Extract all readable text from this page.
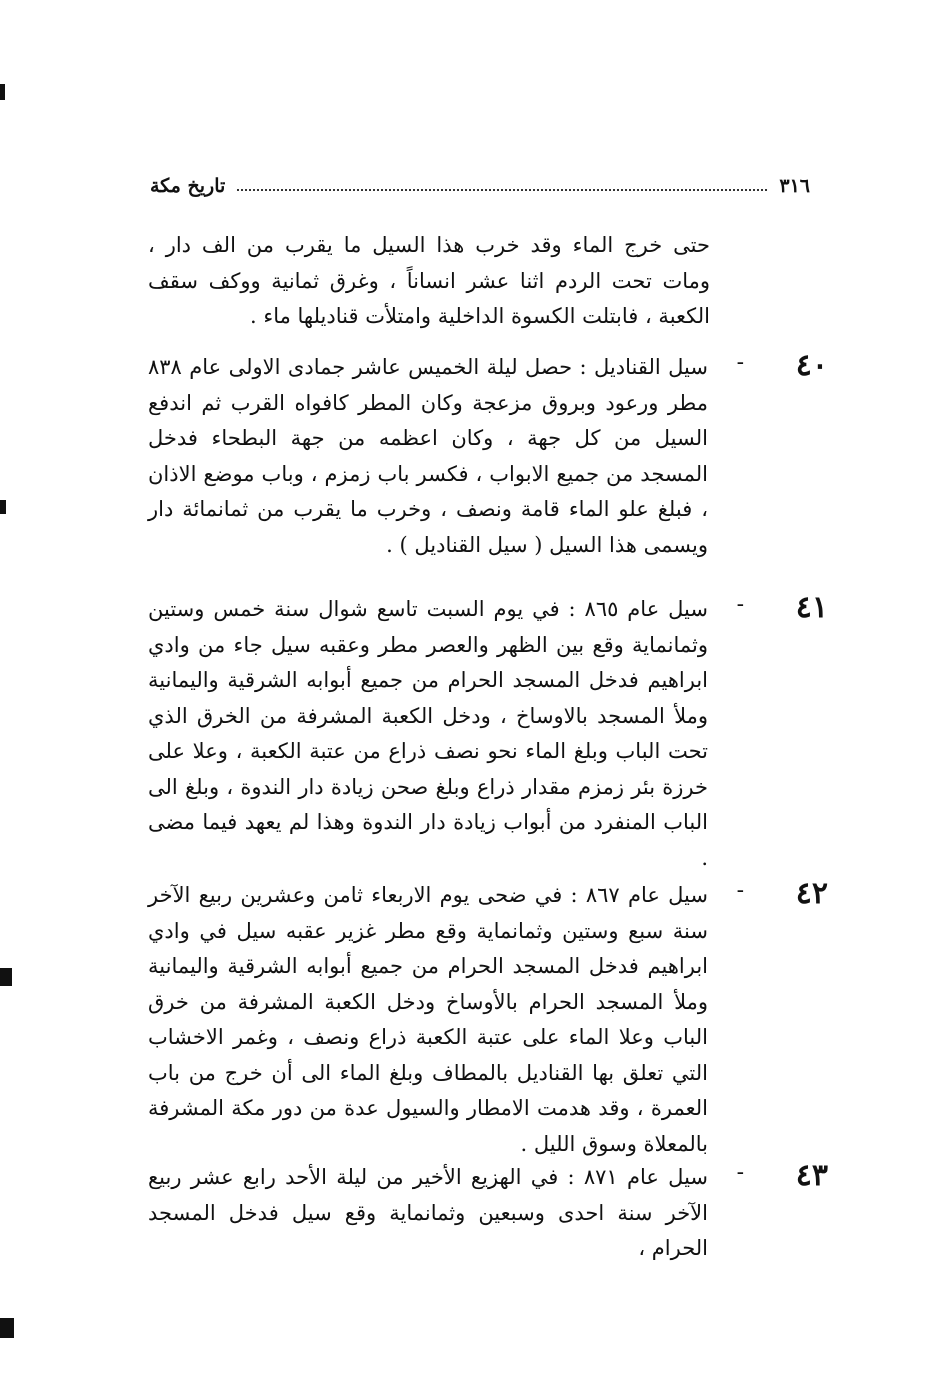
٣١٦
تاريخ مكة
حتى خرج الماء وقد خرب هذا السيل ما يقرب من الف دار ، ومات تحت الردم اثنا عشر انساناً ، وغرق ثمانية ووكف سقف الكعبة ، فابتلت الكسوة الداخلية وامتلأت قناديلها ماء .
٤٠
-
سيل القناديل : حصل ليلة الخميس عاشر جمادى الاولى عام ٨٣٨ مطر ورعود وبروق مزعجة وكان المطر كافواه القرب ثم اندفع السيل من كل جهة ، وكان اعظمه من جهة البطحاء فدخل المسجد من جميع الابواب ، فكسر باب زمزم ، وباب موضع الاذان ، فبلغ علو الماء قامة ونصف ، وخرب ما يقرب من ثمانمائة دار ويسمى هذا السيل ( سيل القناديل ) .
٤١
-
سيل عام ٨٦٥ : في يوم السبت تاسع شوال سنة خمس وستين وثمانماية وقع بين الظهر والعصر مطر وعقبه سيل جاء من وادي ابراهيم فدخل المسجد الحرام من جميع أبوابه الشرقية واليمانية وملأ المسجد بالاوساخ ، ودخل الكعبة المشرفة من الخرق الذي تحت الباب وبلغ الماء نحو نصف ذراع من عتبة الكعبة ، وعلا على خرزة بئر زمزم مقدار ذراع وبلغ صحن زيادة دار الندوة ، وبلغ الى الباب المنفرد من أبواب زيادة دار الندوة وهذا لم يعهد فيما مضى .
٤٢
-
سيل عام ٨٦٧ : في ضحى يوم الاربعاء ثامن وعشرين ربيع الآخر سنة سبع وستين وثمانماية وقع مطر غزير عقبه سيل في وادي ابراهيم فدخل المسجد الحرام من جميع أبوابه الشرقية واليمانية وملأ المسجد الحرام بالأوساخ ودخل الكعبة المشرفة من خرق الباب وعلا الماء على عتبة الكعبة ذراع ونصف ، وغمر الاخشاب التي تعلق بها القناديل بالمطاف وبلغ الماء الى أن خرج من باب العمرة ، وقد هدمت الامطار والسيول عدة من دور مكة المشرفة بالمعلاة وسوق الليل .
٤٣
-
سيل عام ٨٧١ : في الهزيع الأخير من ليلة الأحد رابع عشر ربيع الآخر سنة احدى وسبعين وثمانماية وقع سيل فدخل المسجد الحرام ،
